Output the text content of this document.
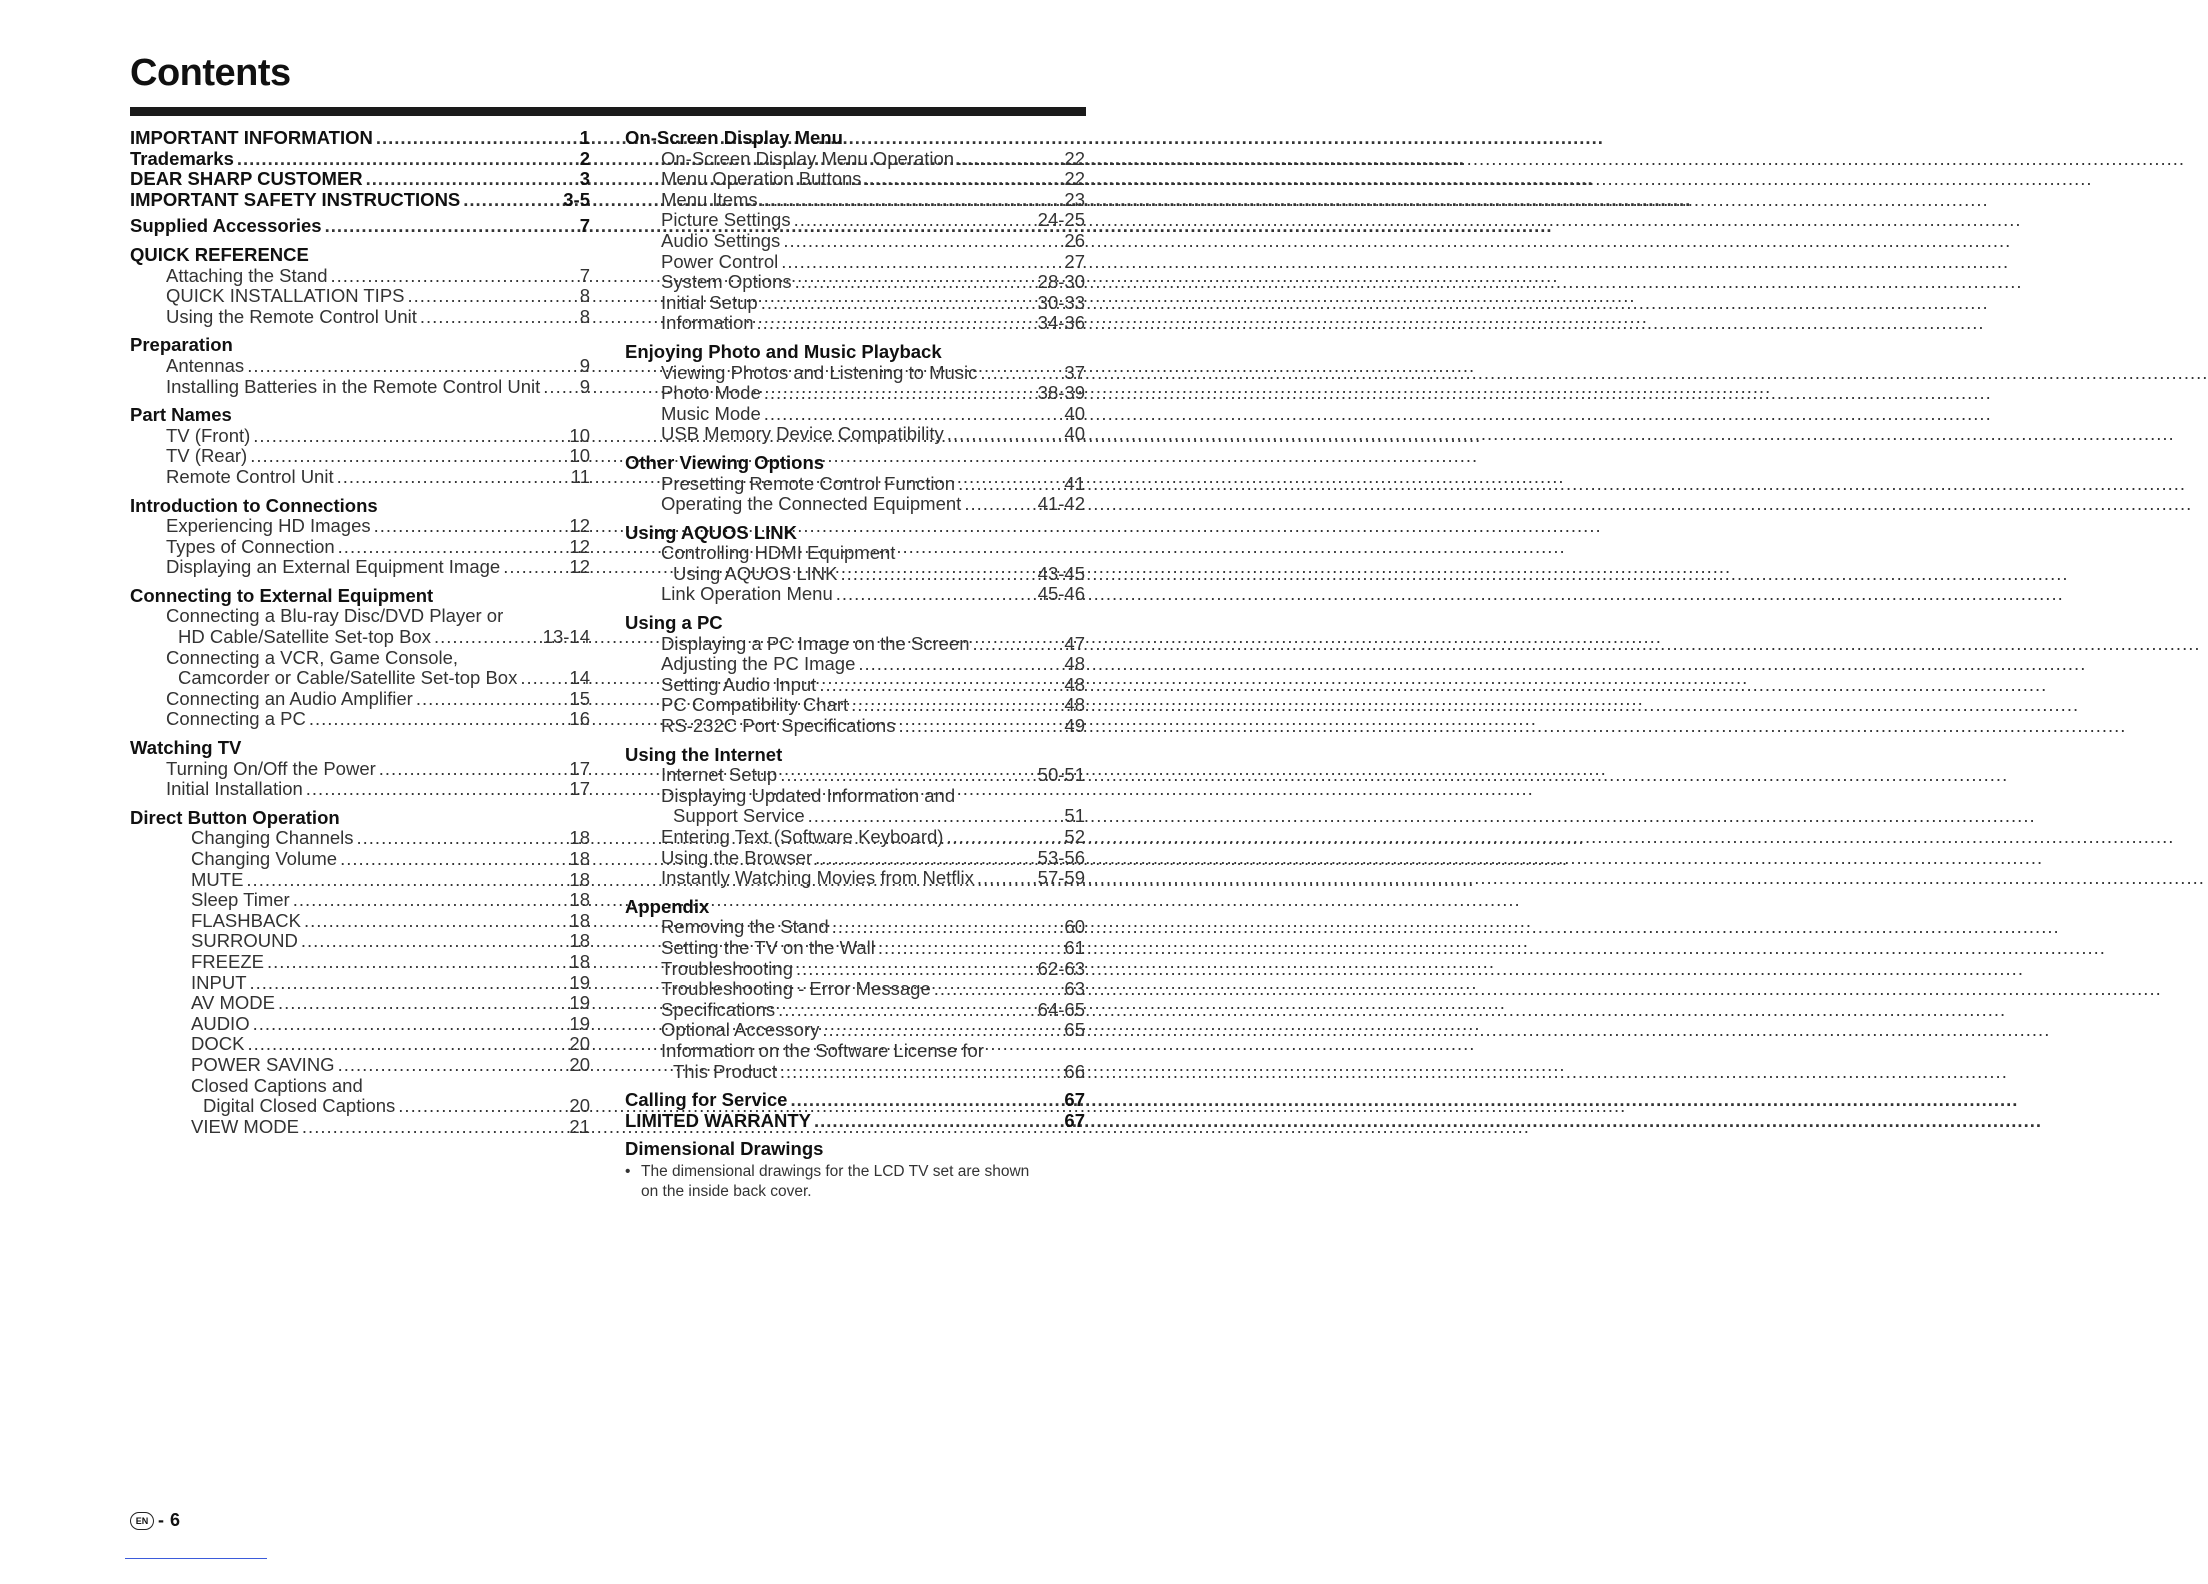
Contents
IMPORTANT INFORMATION .....	1
Trademarks .....	2
DEAR SHARP CUSTOMER .....	3
IMPORTANT SAFETY INSTRUCTIONS .....	3-5
Supplied Accessories .....	7
QUICK REFERENCE
Attaching the Stand .....	7
QUICK INSTALLATION TIPS .....	8
Using the Remote Control Unit .....	8
Preparation
Antennas .....	9
Installing Batteries in the Remote Control Unit ..... 9
Part Names
TV (Front) .....	10
TV (Rear) .....	10
Remote Control Unit .....	11
Introduction to Connections
Experiencing HD Images .....	12
Types of Connection .....	12
Displaying an External Equipment Image .....	12
Connecting to External Equipment
Connecting a Blu-ray Disc/DVD Player or
HD Cable/Satellite Set-top Box .....	13-14
Connecting a VCR, Game Console,
Camcorder or Cable/Satellite Set-top Box .....	14
Connecting an Audio Amplifier .....	15
Connecting a PC .....	16
Watching TV
Turning On/Off the Power .....	17
Initial Installation .....	17
Direct Button Operation
Changing Channels .....	18
Changing Volume .....	18
MUTE .....	18
Sleep Timer .....	18
FLASHBACK .....	18
SURROUND .....	18
FREEZE .....	18
INPUT .....	19
AV MODE .....	19
AUDIO .....	19
DOCK .....	20
POWER SAVING .....	20
Closed Captions and
Digital Closed Captions .....	20
VIEW MODE .....	21
On-Screen Display Menu
On-Screen Display Menu Operation .....	22
Menu Operation Buttons .....	22
Menu Items .....	23
Picture Settings .....	24-25
Audio Settings .....	26
Power Control .....	27
System Options .....	28-30
Initial Setup .....	30-33
Information .....	34-36
Enjoying Photo and Music Playback
Viewing Photos and Listening to Music .....	37
Photo Mode .....	38-39
Music Mode .....	40
USB Memory Device Compatibility .....	40
Other Viewing Options
Presetting Remote Control Function .....	41
Operating the Connected Equipment .....	41-42
Using AQUOS LINK
Controlling HDMI Equipment
Using AQUOS LINK .....	43-45
Link Operation Menu .....	45-46
Using a PC
Displaying a PC Image on the Screen .....	47
Adjusting the PC Image .....	48
Setting Audio Input .....	48
PC Compatibility Chart .....	48
RS-232C Port Specifications .....	49
Using the Internet
Internet Setup .....	50-51
Displaying Updated Information and
Support Service .....	51
Entering Text (Software Keyboard) .....	52
Using the Browser .....	53-56
Instantly Watching Movies from Netflix .....	57-59
Appendix
Removing the Stand .....	60
Setting the TV on the Wall .....	61
Troubleshooting .....	62-63
Troubleshooting - Error Message .....	63
Specifications .....	64-65
Optional Accessory .....	65
Information on the Software License for
This Product .....	66
Calling for Service .....	67
LIMITED WARRANTY .....	67
Dimensional Drawings
• The dimensional drawings for the LCD TV set are shown
on the inside back cover.
EN - 6
